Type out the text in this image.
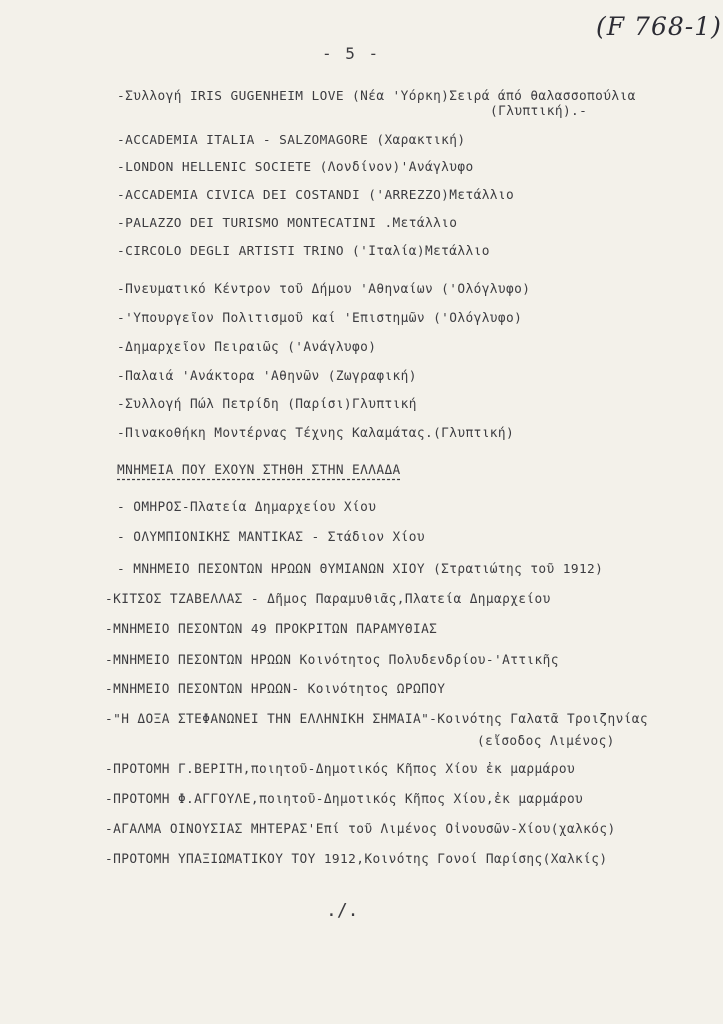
(F 768-1)
- 5 -
-Συλλογή IRIS GUGENHEIM LOVE (Νέα 'Υόρκη)Σειρά άπό θαλασσοπούλια
(Γλυπτική).-
-ACCADEMIA ITALIA - SALZOMAGORE (Χαρακτική)
-LONDON HELLENIC SOCIETE (Λονδίνον)'Ανάγλυφο
-ACCADEMIA CIVICA DEI COSTANDI ('ARREZZO)Μετάλλιο
-PALAZZO DEI TURISMO MONTECATINI .Μετάλλιο
-CIRCOLO DEGLI ARTISTI TRINO ('Ιταλία)Μετάλλιο
-Πνευματικό Κέντρον τοῦ Δήμου 'Αθηναίων ('Ολόγλυφο)
-'Υπουργεῖον Πολιτισμοῦ καί 'Επιστημῶν ('Ολόγλυφο)
-Δημαρχεῖον Πειραιῶς ('Ανάγλυφο)
-Παλαιά 'Ανάκτορα 'Αθηνῶν (Ζωγραφική)
-Συλλογή Πώλ Πετρίδη (Παρίσι)Γλυπτική
-Πινακοθήκη Μοντέρνας Τέχνης Καλαμάτας.(Γλυπτική)
ΜΝΗΜΕΙΑ ΠΟΥ ΕΧΟΥΝ ΣΤΗΘΗ ΣΤΗΝ ΕΛΛΑΔΑ
- ΟΜΗΡΟΣ-Πλατεία Δημαρχείου Χίου
- ΟΛΥΜΠΙΟΝΙΚΗΣ ΜΑΝΤΙΚΑΣ - Στάδιον Χίου
- ΜΝΗΜΕΙΟ ΠΕΣΟΝΤΩΝ ΗΡΩΩΝ ΘΥΜΙΑΝΩΝ ΧΙΟΥ (Στρατιώτης τοῦ 1912)
-ΚΙΤΣΟΣ ΤΖΑΒΕΛΛΑΣ - Δῆμος Παραμυθιᾶς,Πλατεία Δημαρχείου
-ΜΝΗΜΕΙΟ ΠΕΣΟΝΤΩΝ 49 ΠΡΟΚΡΙΤΩΝ ΠΑΡΑΜΥΘΙΑΣ
-ΜΝΗΜΕΙΟ ΠΕΣΟΝΤΩΝ ΗΡΩΩΝ Κοινότητος Πολυδενδρίου-'Αττικῆς
-ΜΝΗΜΕΙΟ ΠΕΣΟΝΤΩΝ ΗΡΩΩΝ- Κοινότητος ΩΡΩΠΟΥ
-"Η ΔΟΞΑ ΣΤΕΦΑΝΩΝΕΙ ΤΗΝ ΕΛΛΗΝΙΚΗ ΣΗΜΑΙΑ"-Κοινότης Γαλατᾶ Τροιζηνίας
(εἴσοδος Λιμένος)
-ΠΡΟΤΟΜΗ Γ.ΒΕΡΙΤΗ,ποιητοῦ-Δημοτικός Κῆπος Χίου ἐκ μαρμάρου
-ΠΡΟΤΟΜΗ Φ.ΑΓΓΟΥΛΕ,ποιητοῦ-Δημοτικός Κῆπος Χίου,ἐκ μαρμάρου
-ΑΓΑΛΜΑ ΟΙΝΟΥΣΙΑΣ ΜΗΤΕΡΑΣ'Επί τοῦ Λιμένος Οἰνουσῶν-Χίου(χαλκός)
-ΠΡΟΤΟΜΗ ΥΠΑΞΙΩΜΑΤΙΚΟΥ ΤΟΥ 1912,Κοινότης Γονοί Παρίσης(Χαλκίς)
./.
